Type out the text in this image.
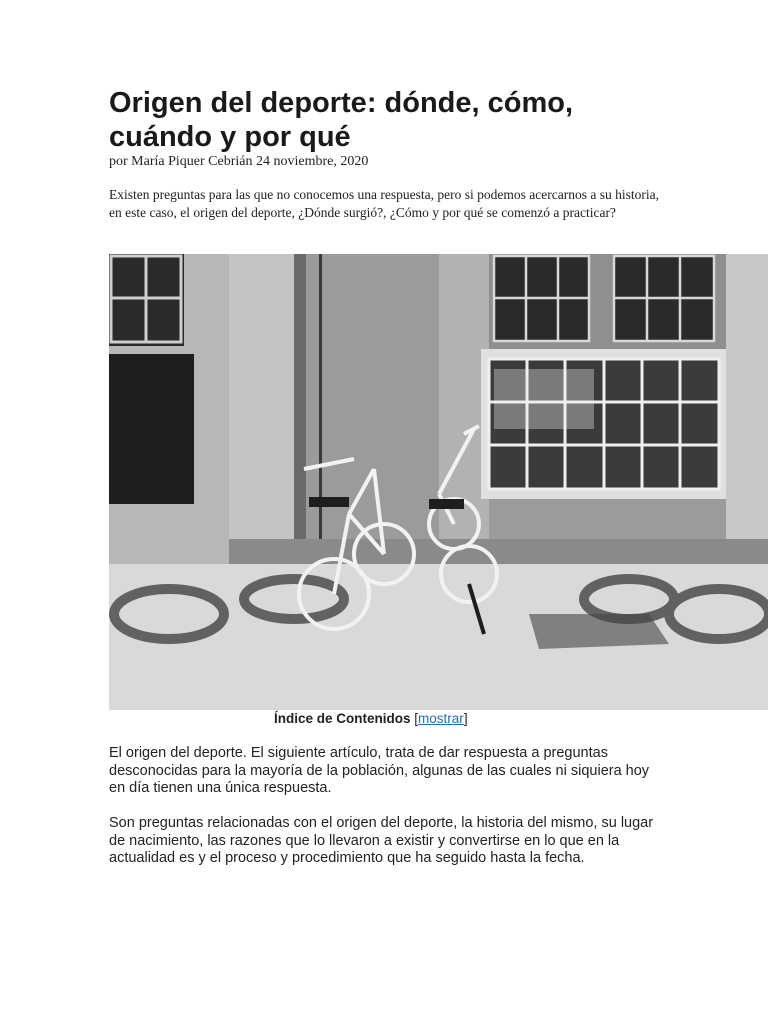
Origen del deporte: dónde, cómo, cuándo y por qué
por María Piquer Cebrián 24 noviembre, 2020

Existen preguntas para las que no conocemos una respuesta, pero si podemos acercarnos a su historia, en este caso, el origen del deporte, ¿Dónde surgió?, ¿Cómo y por qué se comenzó a practicar?

Índice de Contenidos [mostrar]

El origen del deporte. El siguiente artículo, trata de dar respuesta a preguntas desconocidas para la mayoría de la población, algunas de las cuales ni siquiera hoy en día tienen una única respuesta.

Son preguntas relacionadas con el origen del deporte, la historia del mismo, su lugar de nacimiento, las razones que lo llevaron a existir y convertirse en lo que en la actualidad es y el proceso y procedimiento que ha seguido hasta la fecha.
